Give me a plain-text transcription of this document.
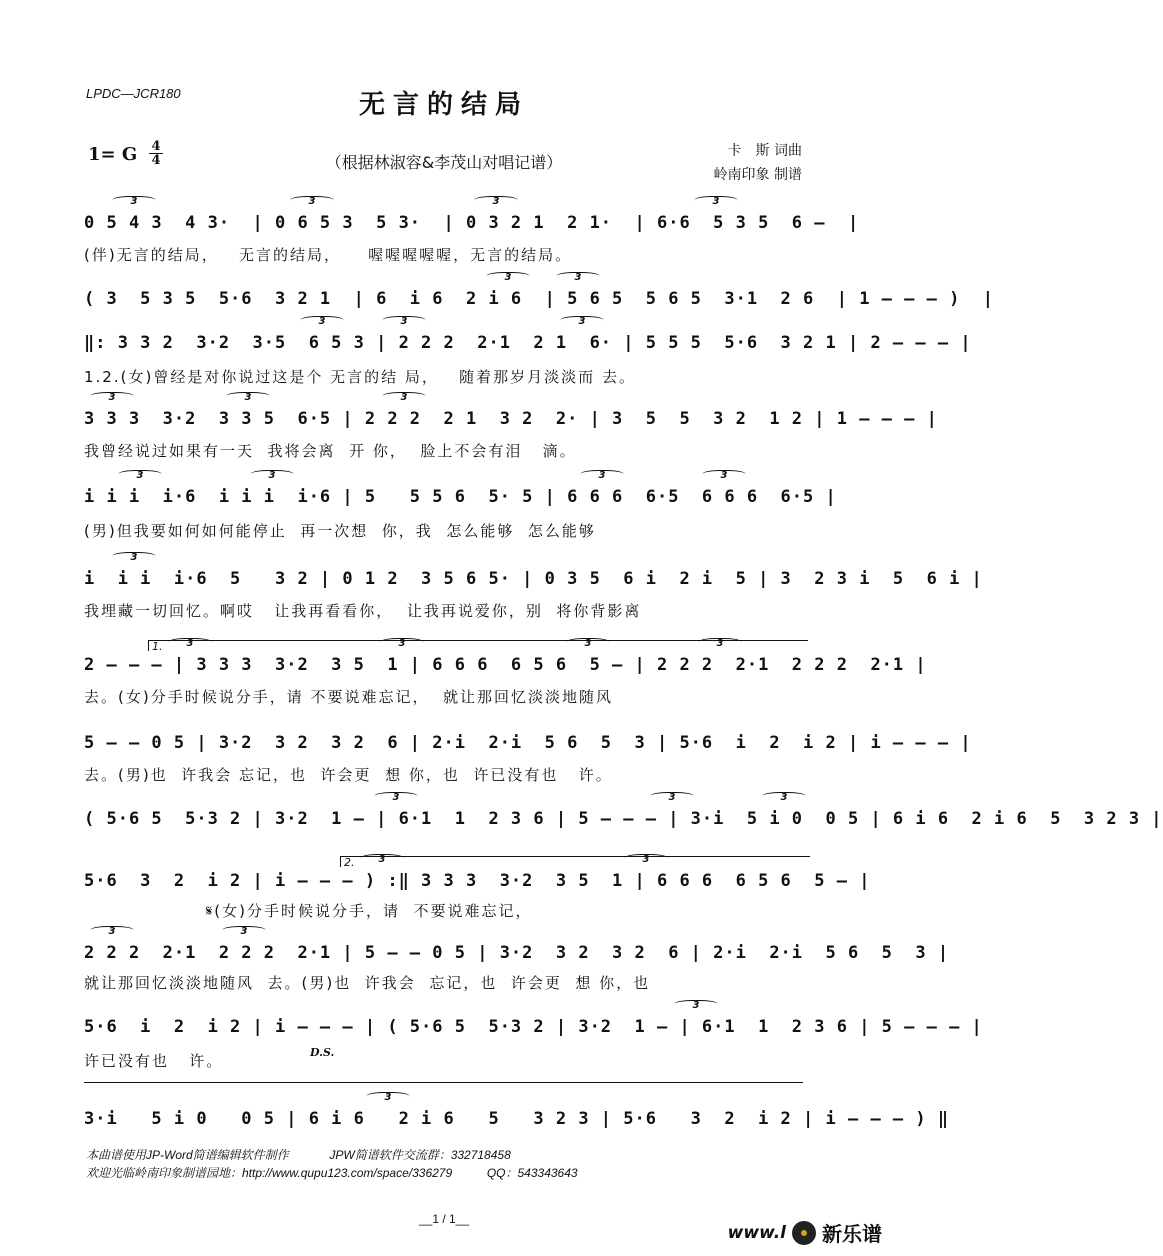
LPDC—JCR180	无言的结局
1= G	4
4	（根据林淑容&李茂山对唱记谱）
卡　斯 词曲
岭南印象 制谱
3	3	3	3
0 5 4 3  4 3·  | 0 6 5 3  5 3·  | 0 3 2 1  2 1·  | 6·6  5 3 5  6 –  |
(伴)无言的结局，   无言的结局，    喔喔喔喔喔，无言的结局。
3	3
( 3  5 3 5  5·6  3 2 1  | 6  i 6  2 i 6  | 5 6 5  5 6 5  3·1  2 6  | 1 – – – )  |
3	3	3
‖: 3 3 2  3·2  3·5  6 5 3 | 2 2 2  2·1  2 1  6· | 5 5 5  5·6  3 2 1 | 2 – – – |
1.2.(女)曾经是对你说过这是个 无言的结 局，   随着那岁月淡淡而 去。
3	3	3
3 3 3  3·2  3 3 5  6·5 | 2 2 2  2 1  3 2  2· | 3  5  5  3 2  1 2 | 1 – – – |
我曾经说过如果有一天  我将会离  开 你，  脸上不会有泪   滴。
3	3	3	3
i i i  i·6  i i i  i·6 | 5   5 5 6  5· 5 | 6 6 6  6·5  6 6 6  6·5 |
(男)但我要如何如何能停止  再一次想  你，我  怎么能够  怎么能够
3
i  i i  i·6  5   3 2 | 0 1 2  3 5 6 5· | 0 3 5  6 i  2 i  5 | 3  2 3 i  5  6 i |
我埋藏一切回忆。啊哎   让我再看看你，  让我再说爱你，别  将你背影离
1.	3	3	3	3
2 – – – | 3 3 3  3·2  3 5  1 | 6 6 6  6 5 6  5 – | 2 2 2  2·1  2 2 2  2·1 |
去。(女)分手时候说分手，请 不要说难忘记，  就让那回忆淡淡地随风
5 – – 0 5 | 3·2  3 2  3 2  6 | 2·i  2·i  5 6  5  3 | 5·6  i  2  i 2 | i – – – |
去。(男)也  许我会 忘记，也  许会更  想 你，也  许已没有也   许。
3	3	3
( 5·6 5  5·3 2 | 3·2  1 – | 6·1  1  2 3 6 | 5 – – – | 3·i  5 i 0  0 5 | 6 i 6  2 i 6  5  3 2 3 |
2.	3	3
5·6  3  2  i 2 | i – – – ) :‖ 3 3 3  3·2  3 5  1 | 6 6 6  6 5 6  5 – |
𝄋(女)分手时候说分手，请  不要说难忘记，
3	3
2 2 2  2·1  2 2 2  2·1 | 5 – – 0 5 | 3·2  3 2  3 2  6 | 2·i  2·i  5 6  5  3 |
就让那回忆淡淡地随风  去。(男)也  许我会  忘记，也  许会更  想 你，也
3
5·6  i  2  i 2 | i – – – | ( 5·6 5  5·3 2 | 3·2  1 – | 6·1  1  2 3 6 | 5 – – – |
许已没有也   许。	D.S.
3
3·i   5 i 0   0 5 | 6 i 6   2 i 6   5   3 2 3 | 5·6   3  2  i 2 | i – – – ) ‖
本曲谱使用JP-Word简谱编辑软件制作	JPW简谱软件交流群：332718458
欢迎光临岭南印象制谱园地：http://www.qupu123.com/space/336279	QQ：543343643
__1 / 1__
www.l 新乐谱
